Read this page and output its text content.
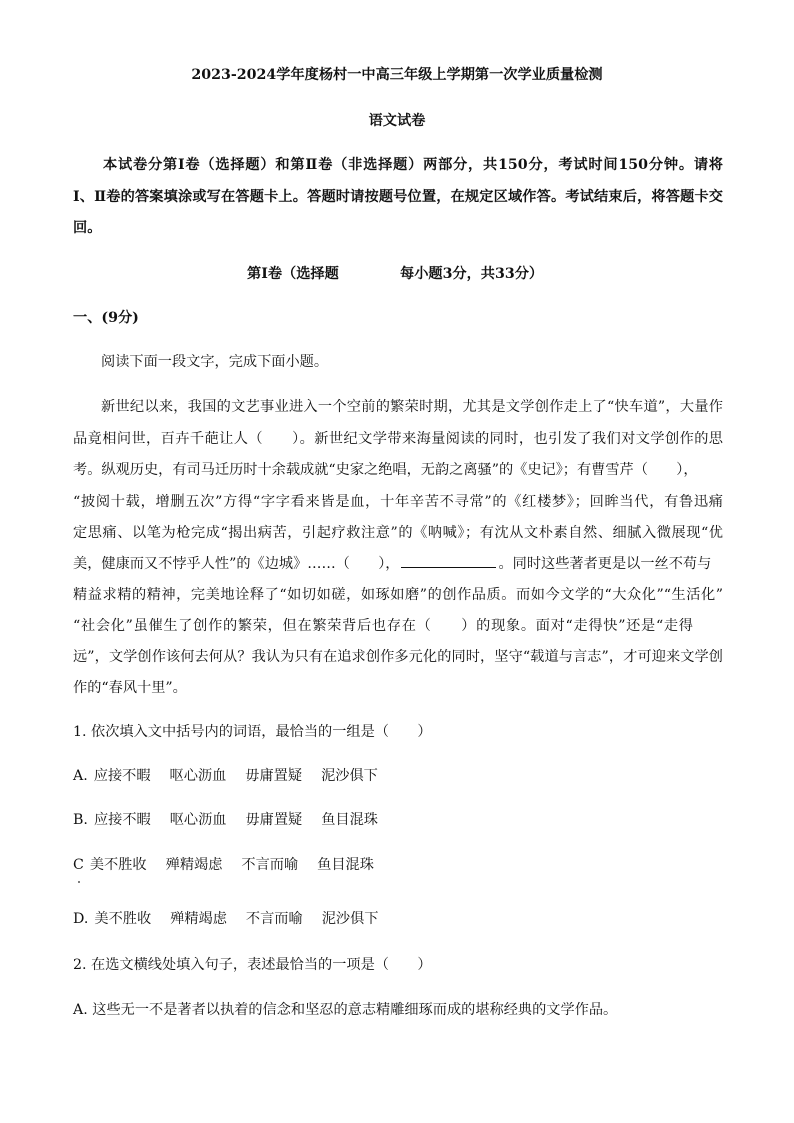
2023-2024学年度杨村一中高三年级上学期第一次学业质量检测
语文试卷
本试卷分第Ⅰ卷（选择题）和第Ⅱ卷（非选择题）两部分，共150分，考试时间150分钟。请将
Ⅰ、Ⅱ卷的答案填涂或写在答题卡上。答题时请按题号位置，在规定区域作答。考试结束后，将答题卡交
回。
第Ⅰ卷（选择题	每小题3分，共33分）
一、(9分)
阅读下面一段文字，完成下面小题。
新世纪以来，我国的文艺事业进入一个空前的繁荣时期，尤其是文学创作走上了“快车道”，大量作
品竟相问世，百卉千葩让人（　　）。新世纪文学带来海量阅读的同时，也引发了我们对文学创作的思
考。纵观历史，有司马迁历时十余载成就“史家之绝唱，无韵之离骚”的《史记》；有曹雪芹（　　），
“披阅十载，增删五次”方得“字字看来皆是血，十年辛苦不寻常”的《红楼梦》；回眸当代，有鲁迅痛
定思痛、以笔为枪完成“揭出病苦，引起疗救注意”的《呐喊》；有沈从文朴素自然、细腻入微展现“优
美，健康而又不悖乎人性”的《边城》……（　　），	。同时这些著者更是以一丝不苟与
精益求精的精神，完美地诠释了“如切如磋，如琢如磨”的创作品质。而如今文学的“大众化”“生活化”
“社会化”虽催生了创作的繁荣，但在繁荣背后也存在（　　）的现象。面对“走得快”还是“走得
远”，文学创作该何去何从？我认为只有在追求创作多元化的同时，坚守“载道与言志”，才可迎来文学创
作的“春风十里”。
1. 依次填入文中括号内的词语，最恰当的一组是（　　）
A. 应接不暇 呕心沥血 毋庸置疑 泥沙俱下
B. 应接不暇 呕心沥血 毋庸置疑 鱼目混珠
C 美不胜收 殚精竭虑 不言而喻 鱼目混珠
D. 美不胜收 殚精竭虑 不言而喻 泥沙俱下
2. 在选文横线处填入句子，表述最恰当的一项是（　　）
A. 这些无一不是著者以执着的信念和坚忍的意志精雕细琢而成的堪称经典的文学作品。
